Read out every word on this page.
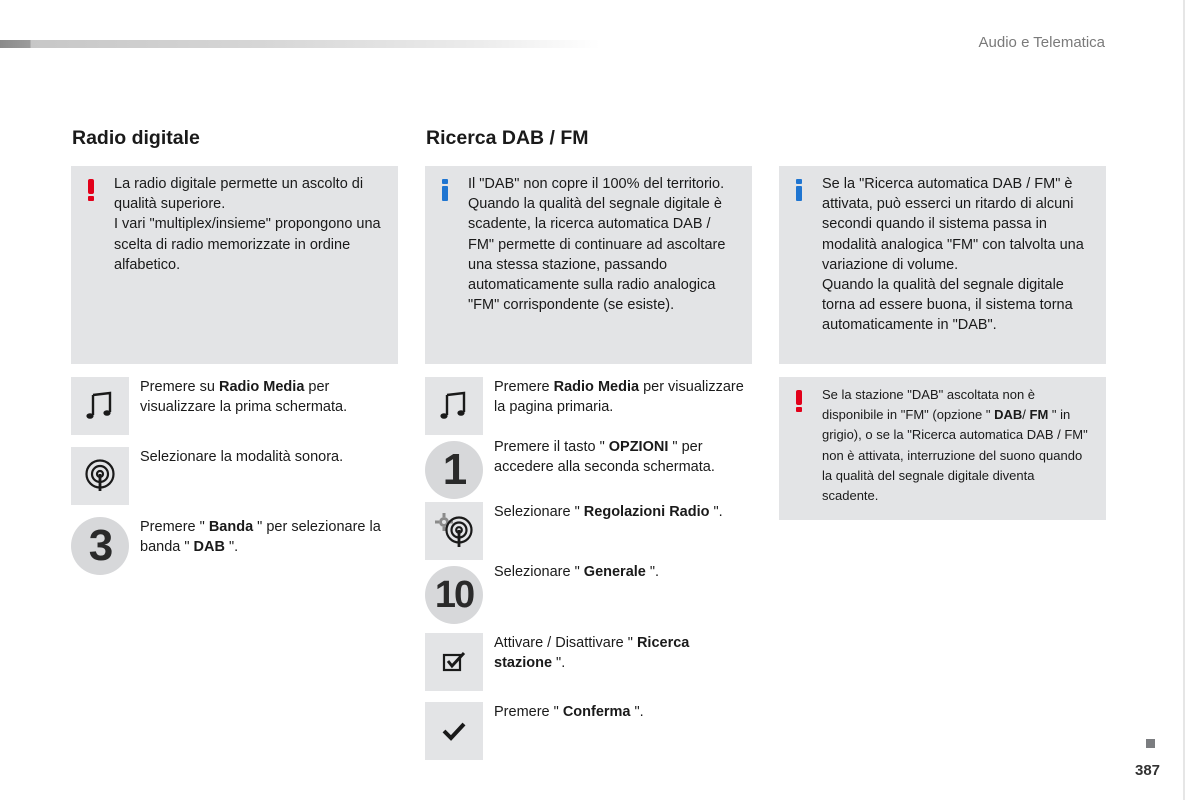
Audio e Telematica
Radio digitale
La radio digitale permette un ascolto di qualità superiore.
I vari "multiplex/insieme" propongono una scelta di radio memorizzate in ordine alfabetico.
Premere su Radio Media per visualizzare la prima schermata.
Selezionare la modalità sonora.
3	Premere " Banda " per selezionare la banda " DAB ".
Ricerca DAB / FM
Il "DAB" non copre il 100% del territorio.
Quando la qualità del segnale digitale è scadente, la ricerca automatica DAB / FM" permette di continuare ad ascoltare una stessa stazione, passando automaticamente sulla radio analogica "FM" corrispondente (se esiste).
Premere Radio Media per visualizzare la pagina primaria.
1	Premere il tasto " OPZIONI " per accedere alla seconda schermata.
Selezionare " Regolazioni Radio ".
10
Selezionare " Generale ".
Attivare / Disattivare " Ricerca stazione ".
Premere " Conferma ".
Se la "Ricerca automatica DAB / FM" è attivata, può esserci un ritardo di alcuni secondi quando il sistema passa in modalità analogica "FM" con talvolta una variazione di volume.
Quando la qualità del segnale digitale torna ad essere buona, il sistema torna automaticamente in "DAB".
Se la stazione "DAB" ascoltata non è disponibile in "FM" (opzione " DAB/ FM " in grigio), o se la "Ricerca automatica DAB / FM" non è attivata, interruzione del suono quando la qualità del segnale digitale diventa scadente.
387
